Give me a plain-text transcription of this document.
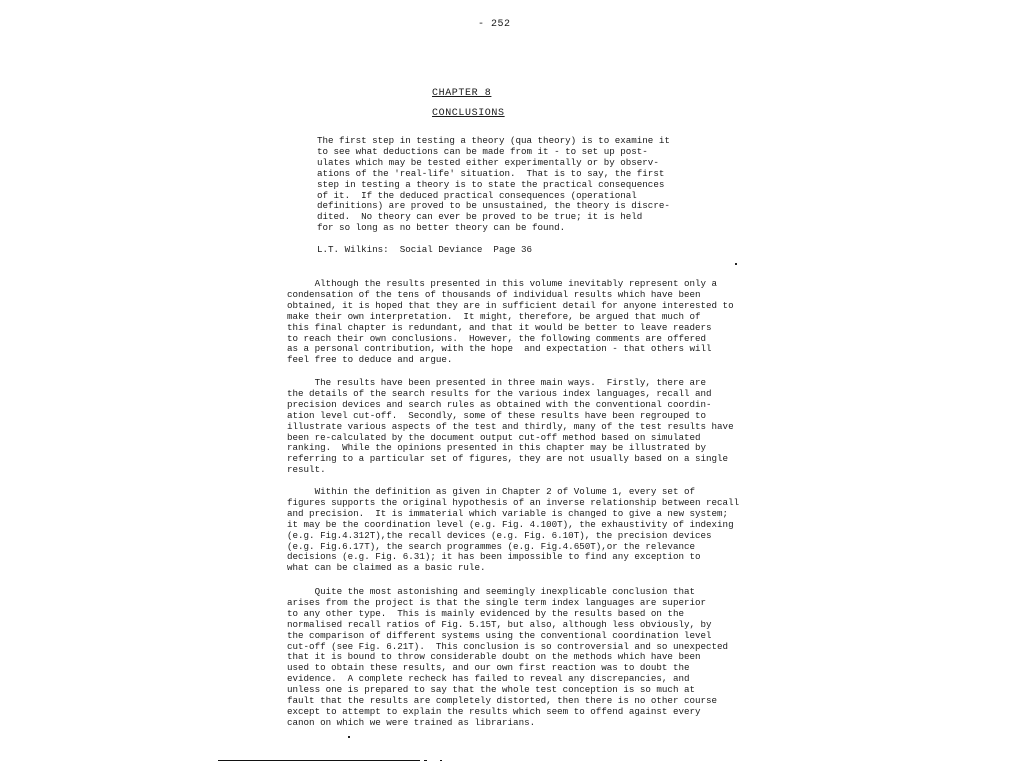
- 252
CHAPTER 8
CONCLUSIONS
The first step in testing a theory (qua theory) is to examine it
to see what deductions can be made from it - to set up post-
ulates which may be tested either experimentally or by observ-
ations of the 'real-life' situation.  That is to say, the first
step in testing a theory is to state the practical consequences
of it.  If the deduced practical consequences (operational
definitions) are proved to be unsustained, the theory is discre-
dited.  No theory can ever be proved to be true; it is held
for so long as no better theory can be found.
L.T. Wilkins:  Social Deviance  Page 36
Although the results presented in this volume inevitably represent only a
condensation of the tens of thousands of individual results which have been
obtained, it is hoped that they are in sufficient detail for anyone interested to
make their own interpretation.  It might, therefore, be argued that much of
this final chapter is redundant, and that it would be better to leave readers
to reach their own conclusions.  However, the following comments are offered
as a personal contribution, with the hope  and expectation - that others will
feel free to deduce and argue.
The results have been presented in three main ways.  Firstly, there are
the details of the search results for the various index languages, recall and
precision devices and search rules as obtained with the conventional coordin-
ation level cut-off.  Secondly, some of these results have been regrouped to
illustrate various aspects of the test and thirdly, many of the test results have
been re-calculated by the document output cut-off method based on simulated
ranking.  While the opinions presented in this chapter may be illustrated by
referring to a particular set of figures, they are not usually based on a single
result.
Within the definition as given in Chapter 2 of Volume 1, every set of
figures supports the original hypothesis of an inverse relationship between recall
and precision.  It is immaterial which variable is changed to give a new system;
it may be the coordination level (e.g. Fig. 4.100T), the exhaustivity of indexing
(e.g. Fig.4.312T),the recall devices (e.g. Fig. 6.10T), the precision devices
(e.g. Fig.6.17T), the search programmes (e.g. Fig.4.650T),or the relevance
decisions (e.g. Fig. 6.31); it has been impossible to find any exception to
what can be claimed as a basic rule.
Quite the most astonishing and seemingly inexplicable conclusion that
arises from the project is that the single term index languages are superior
to any other type.  This is mainly evidenced by the results based on the
normalised recall ratios of Fig. 5.15T, but also, although less obviously, by
the comparison of different systems using the conventional coordination level
cut-off (see Fig. 6.21T).  This conclusion is so controversial and so unexpected
that it is bound to throw considerable doubt on the methods which have been
used to obtain these results, and our own first reaction was to doubt the
evidence.  A complete recheck has failed to reveal any discrepancies, and
unless one is prepared to say that the whole test conception is so much at
fault that the results are completely distorted, then there is no other course
except to attempt to explain the results which seem to offend against every
canon on which we were trained as librarians.
